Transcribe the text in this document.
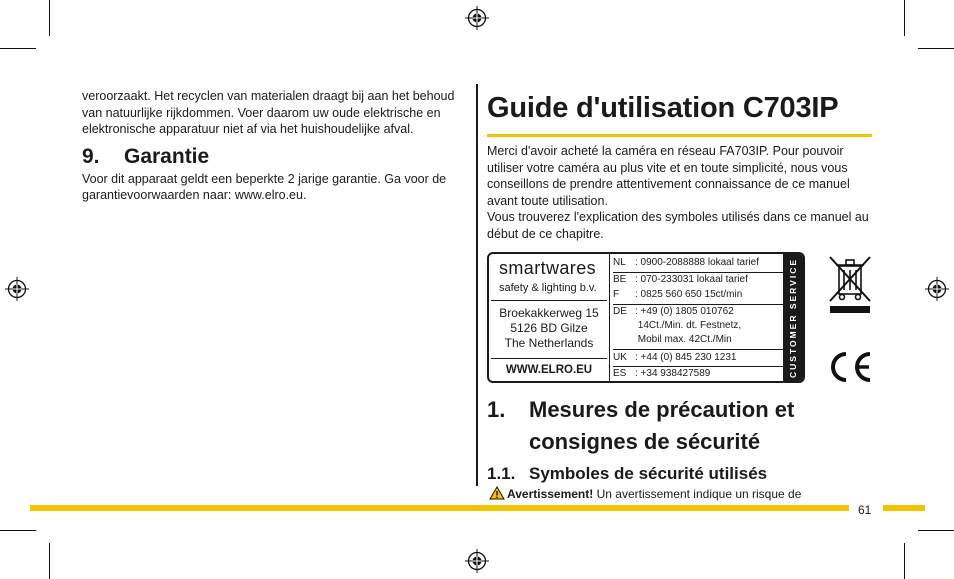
veroorzaakt. Het recyclen van materialen draagt bij aan het behoud van natuurlijke rijkdommen. Voer daarom uw oude elektrische en elektronische apparatuur niet af via het huishoudelijke afval.

9. Garantie

Voor dit apparaat geldt een beperkte 2 jarige garantie. Ga voor de garantievoorwaarden naar: www.elro.eu.

Guide d'utilisation C703IP

Merci d'avoir acheté la caméra en réseau FA703IP. Pour pouvoir utiliser votre caméra au plus vite et en toute simplicité, nous vous conseillons de prendre attentivement connaissance de ce manuel avant toute utilisation.

Vous trouverez l'explication des symboles utilisés dans ce manuel au début de ce chapitre.

smartwares
safety & lighting b.v.
Broekakkerweg 15
5126 BD Gilze
The Netherlands
WWW.ELRO.EU
NL : 0900-2088888 lokaal tarief
BE : 070-233031 lokaal tarief
F : 0825 560 650 15ct/min
DE : +49 (0) 1805 010762
14Ct./Min. dt. Festnetz,
Mobil max. 42Ct./Min
UK : +44 (0) 845 230 1231
ES : +34 938427589	CUSTOMER SERVICE
1. Mesures de précaution et consignes de sécurité
1.1. Symboles de sécurité utilisés
Avertissement! Un avertissement indique un risque de
61
